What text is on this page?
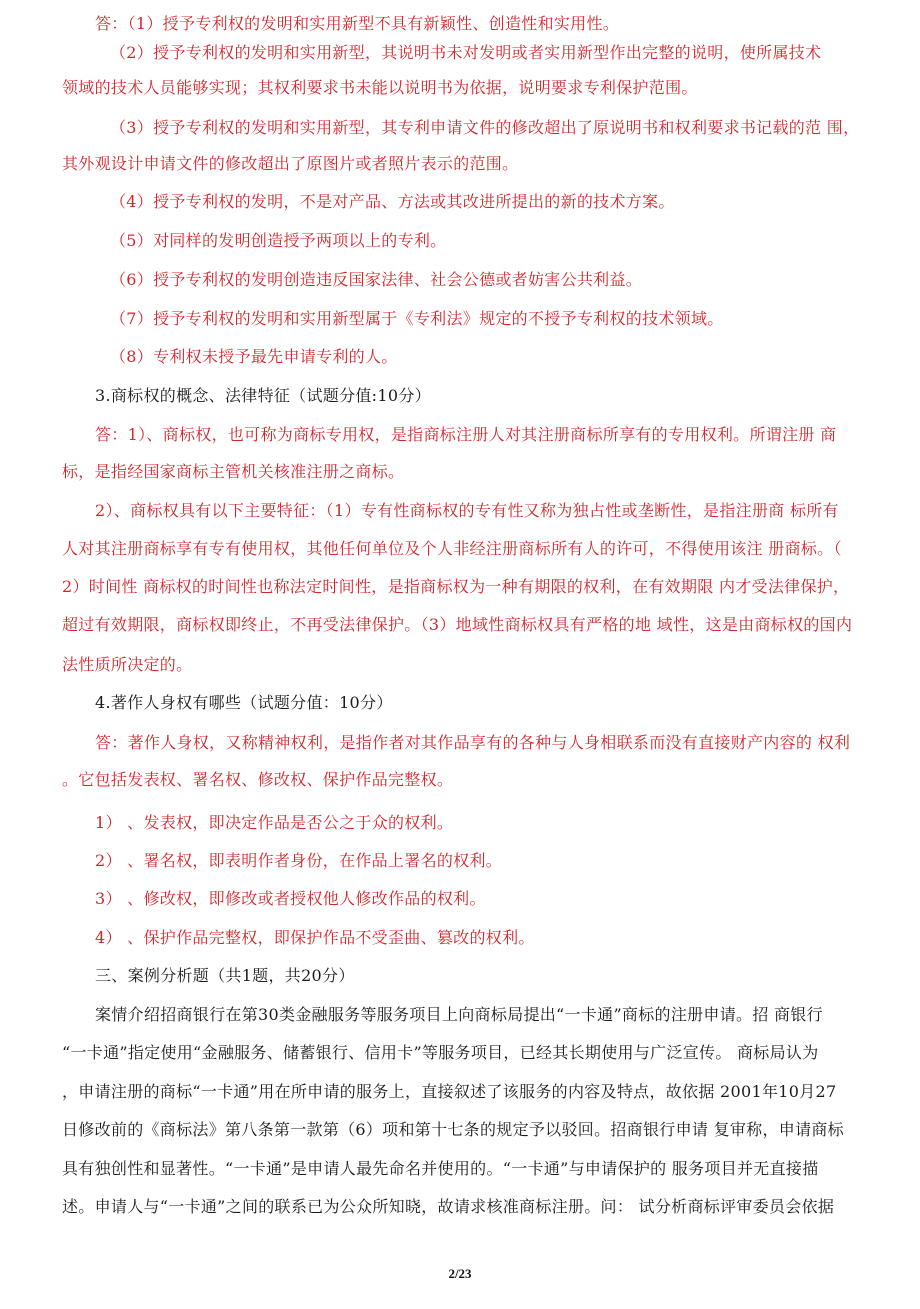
答：（1）授予专利权的发明和实用新型不具有新颖性、创造性和实用性。
（2）授予专利权的发明和实用新型，其说明书未对发明或者实用新型作出完整的说明，使所属技术
领域的技术人员能够实现；其权利要求书未能以说明书为依据，说明要求专利保护范围。
（3）授予专利权的发明和实用新型，其专利申请文件的修改超出了原说明书和权利要求书记载的范 围，
其外观设计申请文件的修改超出了原图片或者照片表示的范围。
（4）授予专利权的发明，不是对产品、方法或其改进所提出的新的技术方案。
（5）对同样的发明创造授予两项以上的专利。
（6）授予专利权的发明创造违反国家法律、社会公德或者妨害公共利益。
（7）授予专利权的发明和实用新型属于《专利法》规定的不授予专利权的技术领域。
（8）专利权未授予最先申请专利的人。
3.商标权的概念、法律特征（试题分值:10分）
答：1）、商标权，也可称为商标专用权，是指商标注册人对其注册商标所享有的专用权利。所谓注册 商
标，是指经国家商标主管机关核准注册之商标。
2）、商标权具有以下主要特征：（1）专有性商标权的专有性又称为独占性或垄断性，是指注册商 标所有
人对其注册商标享有专有使用权，其他任何单位及个人非经注册商标所有人的许可，不得使用该注 册商标。（
2）时间性 商标权的时间性也称法定时间性，是指商标权为一种有期限的权利，在有效期限 内才受法律保护，
超过有效期限，商标权即终止，不再受法律保护。（3）地域性商标权具有严格的地 域性，这是由商标权的国内
法性质所决定的。
4.著作人身权有哪些（试题分值：10分）
答：著作人身权，又称精神权利，是指作者对其作品享有的各种与人身相联系而没有直接财产内容的 权利
。它包括发表权、署名权、修改权、保护作品完整权。
1） 、发表权，即决定作品是否公之于众的权利。
2） 、署名权，即表明作者身份，在作品上署名的权利。
3） 、修改权，即修改或者授权他人修改作品的权利。
4） 、保护作品完整权，即保护作品不受歪曲、篡改的权利。
三、案例分析题（共1题，共20分）
案情介绍招商银行在第30类金融服务等服务项目上向商标局提出“一卡通”商标的注册申请。招 商银行
“一卡通”指定使用“金融服务、储蓄银行、信用卡”等服务项目，已经其长期使用与广泛宣传。 商标局认为
，申请注册的商标“一卡通”用在所申请的服务上，直接叙述了该服务的内容及特点，故依据 2001年10月27
日修改前的《商标法》第八条第一款第（6）项和第十七条的规定予以驳回。招商银行申请 复审称，申请商标
具有独创性和显著性。“一卡通”是申请人最先命名并使用的。“一卡通”与申请保护的 服务项目并无直接描
述。申请人与“一卡通”之间的联系已为公众所知晓，故请求核准商标注册。问： 试分析商标评审委员会依据
2/23
